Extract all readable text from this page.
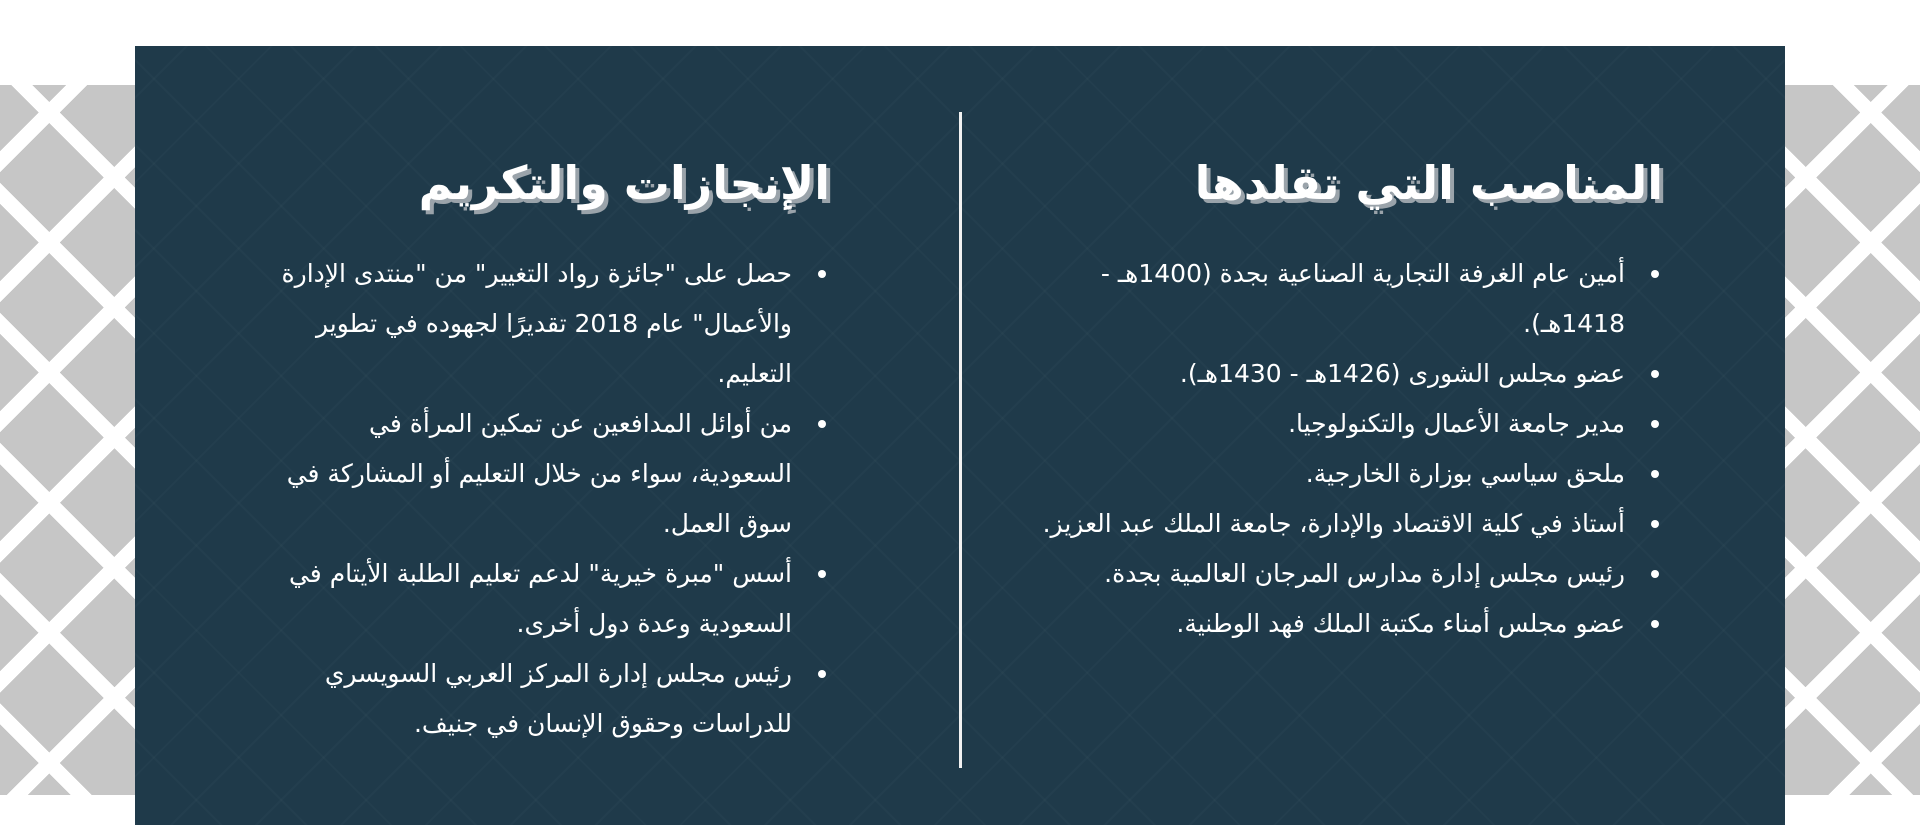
المناصب التي تقلدها
أمين عام الغرفة التجارية الصناعية بجدة (1400هـ - 1418هـ).
عضو مجلس الشورى (1426هـ - 1430هـ).
مدير جامعة الأعمال والتكنولوجيا.
ملحق سياسي بوزارة الخارجية.
أستاذ في كلية الاقتصاد والإدارة، جامعة الملك عبد العزيز.
رئيس مجلس إدارة مدارس المرجان العالمية بجدة.
عضو مجلس أمناء مكتبة الملك فهد الوطنية.
الإنجازات والتكريم
حصل على "جائزة رواد التغيير" من "منتدى الإدارة والأعمال" عام 2018 تقديرًا لجهوده في تطوير التعليم.
من أوائل المدافعين عن تمكين المرأة في السعودية، سواء من خلال التعليم أو المشاركة في سوق العمل.
أسس "مبرة خيرية" لدعم تعليم الطلبة الأيتام في السعودية وعدة دول أخرى.
رئيس مجلس إدارة المركز العربي السويسري للدراسات وحقوق الإنسان في جنيف.
